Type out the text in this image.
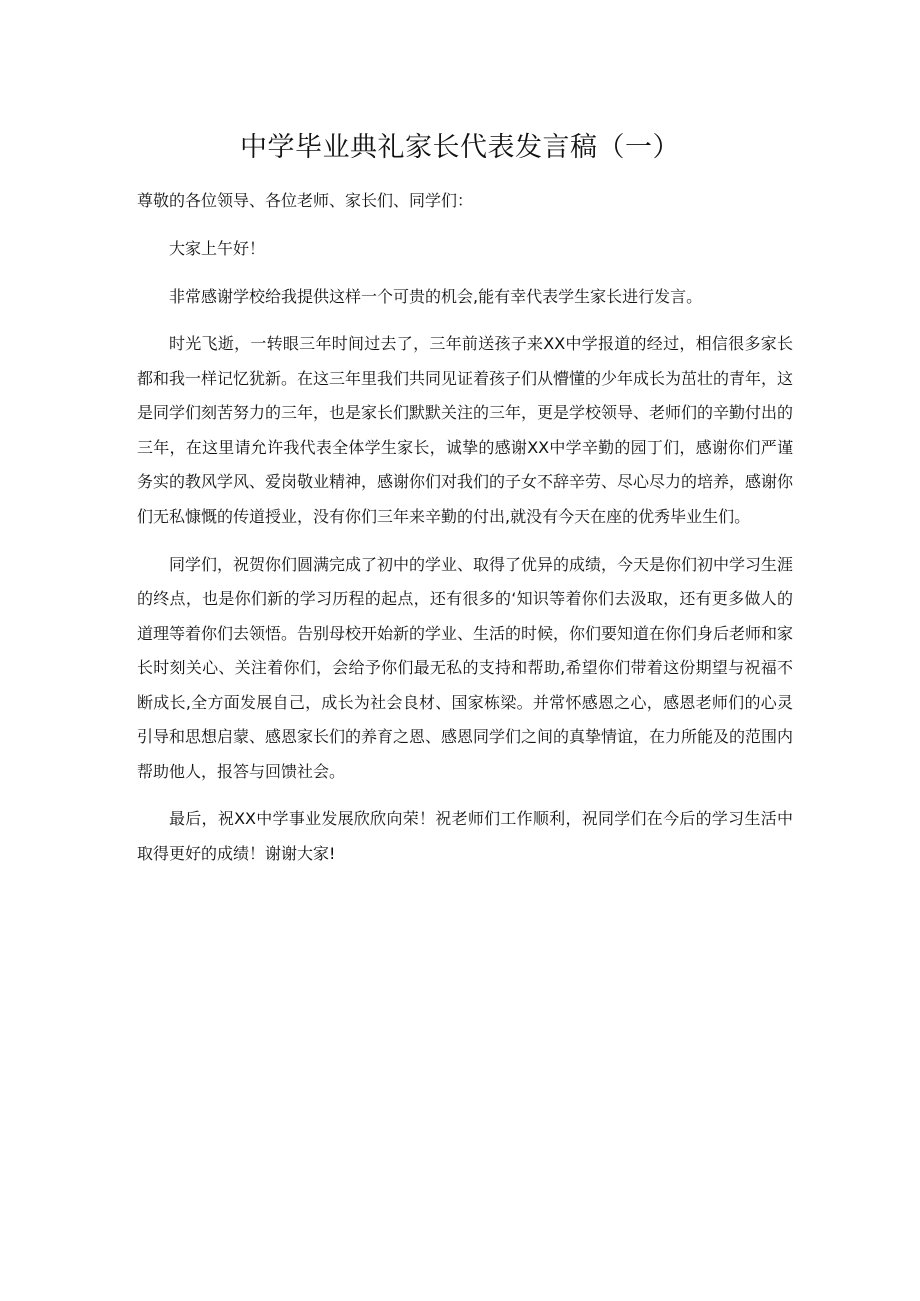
中学毕业典礼家长代表发言稿（一）

尊敬的各位领导、各位老师、家长们、同学们：

大家上午好！

非常感谢学校给我提供这样一个可贵的机会,能有幸代表学生家长进行发言。

时光飞逝，一转眼三年时间过去了，三年前送孩子来XX中学报道的经过，相信很多家长都和我一样记忆犹新。在这三年里我们共同见证着孩子们从懵懂的少年成长为茁壮的青年，这是同学们刻苦努力的三年，也是家长们默默关注的三年，更是学校领导、老师们的辛勤付出的三年，在这里请允许我代表全体学生家长，诚挚的感谢XX中学辛勤的园丁们，感谢你们严谨务实的教风学风、爱岗敬业精神，感谢你们对我们的子女不辞辛劳、尽心尽力的培养，感谢你们无私慷慨的传道授业，没有你们三年来辛勤的付出,就没有今天在座的优秀毕业生们。

同学们，祝贺你们圆满完成了初中的学业、取得了优异的成绩，今天是你们初中学习生涯的终点，也是你们新的学习历程的起点，还有很多的‘知识等着你们去汲取，还有更多做人的道理等着你们去领悟。告别母校开始新的学业、生活的时候，你们要知道在你们身后老师和家长时刻关心、关注着你们，会给予你们最无私的支持和帮助,希望你们带着这份期望与祝福不断成长,全方面发展自己，成长为社会良材、国家栋梁。并常怀感恩之心，感恩老师们的心灵引导和思想启蒙、感恩家长们的养育之恩、感恩同学们之间的真挚情谊，在力所能及的范围内帮助他人，报答与回馈社会。

最后，祝XX中学事业发展欣欣向荣！祝老师们工作顺利，祝同学们在今后的学习生活中取得更好的成绩！谢谢大家!
